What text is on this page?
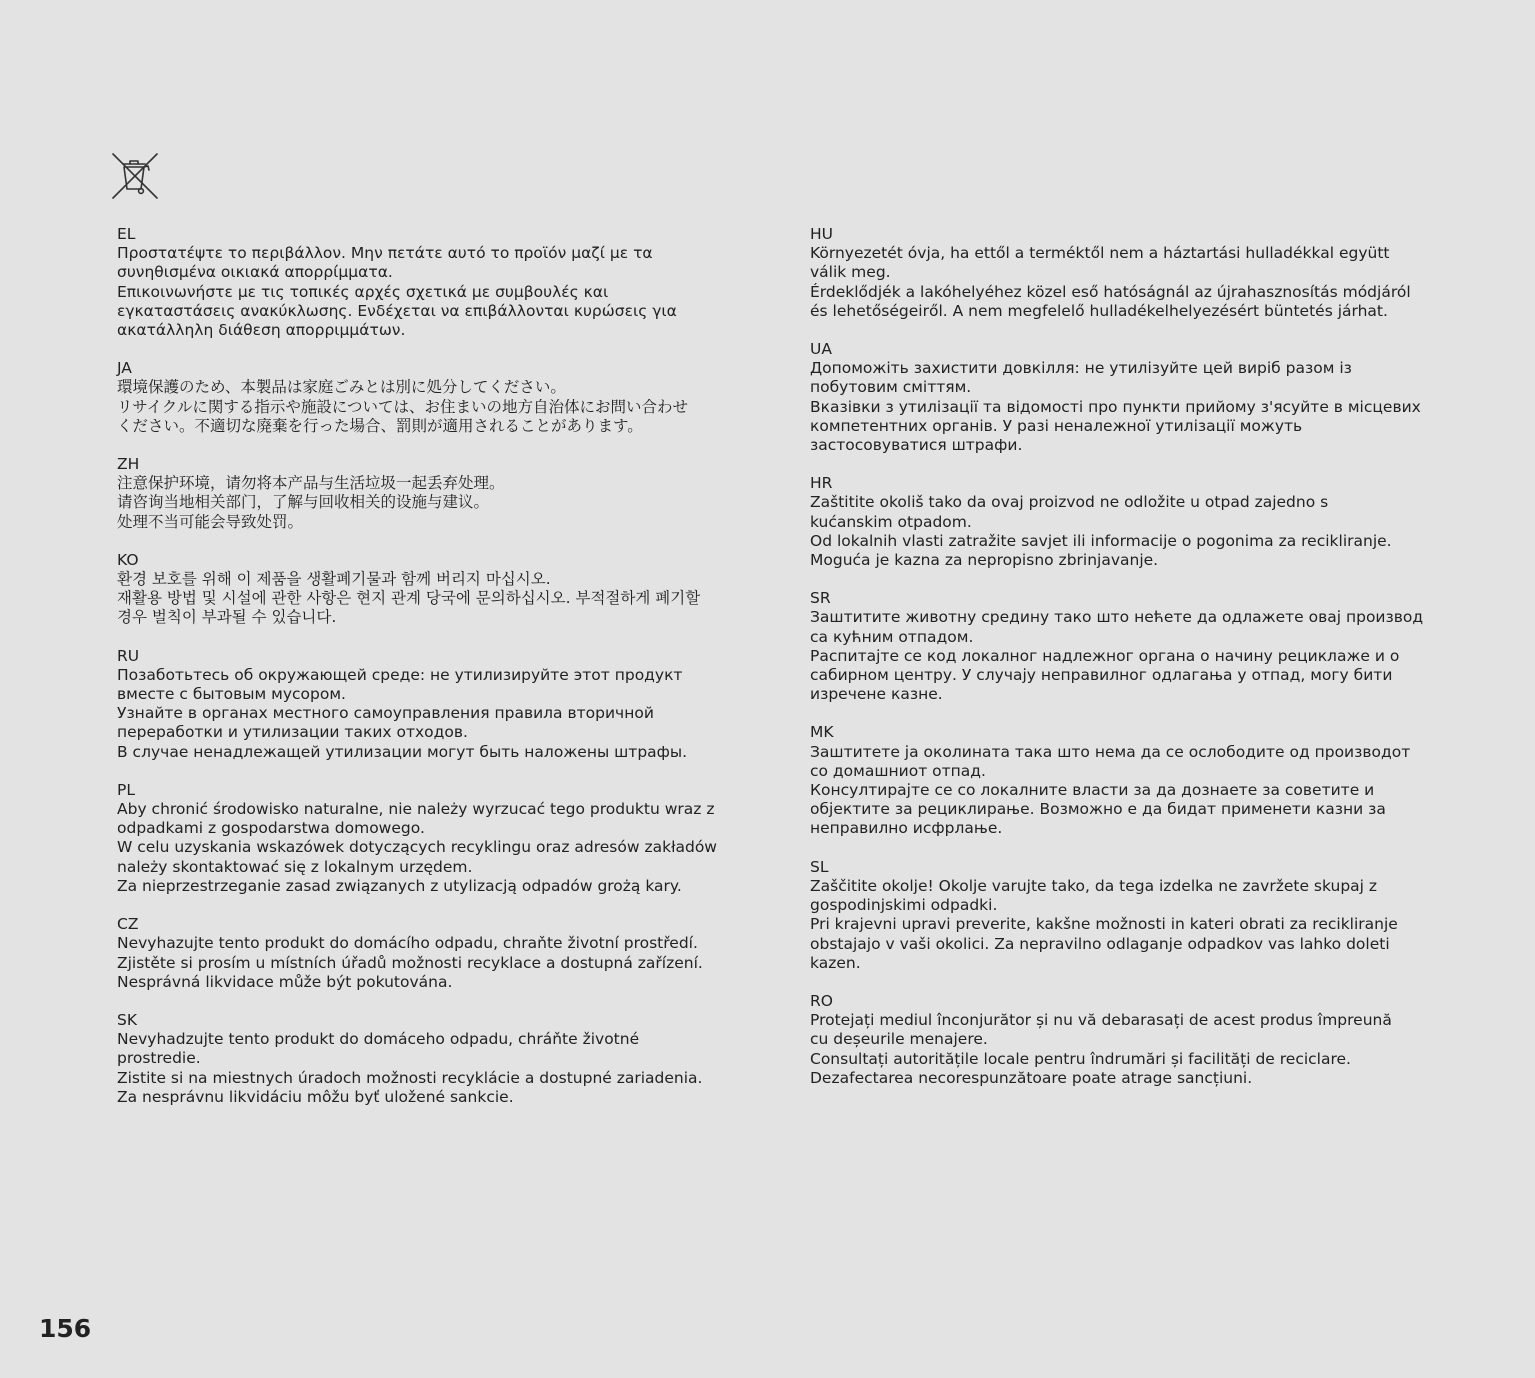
EL
Προστατέψτε το περιβάλλον. Μην πετάτε αυτό το προϊόν μαζί με τα
συνηθισμένα οικιακά απορρίμματα.
Επικοινωνήστε με τις τοπικές αρχές σχετικά με συμβουλές και
εγκαταστάσεις ανακύκλωσης. Ενδέχεται να επιβάλλονται κυρώσεις για
ακατάλληλη διάθεση απορριμμάτων.
JA
環境保護のため、本製品は家庭ごみとは別に処分してください。
リサイクルに関する指示や施設については、お住まいの地方自治体にお問い合わせ
ください。不適切な廃棄を行った場合、罰則が適用されることがあります。
ZH
注意保护环境，请勿将本产品与生活垃圾一起丢弃处理。
请咨询当地相关部门，了解与回收相关的设施与建议。
处理不当可能会导致处罚。
KO
환경 보호를 위해 이 제품을 생활폐기물과 함께 버리지 마십시오.
재활용 방법 및 시설에 관한 사항은 현지 관계 당국에 문의하십시오. 부적절하게 폐기할
경우 벌칙이 부과될 수 있습니다.
RU
Позаботьтесь об окружающей среде: не утилизируйте этот продукт
вместе с бытовым мусором.
Узнайте в органах местного самоуправления правила вторичной
переработки и утилизации таких отходов.
В случае ненадлежащей утилизации могут быть наложены штрафы.
PL
Aby chronić środowisko naturalne, nie należy wyrzucać tego produktu wraz z
odpadkami z gospodarstwa domowego.
W celu uzyskania wskazówek dotyczących recyklingu oraz adresów zakładów
należy skontaktować się z lokalnym urzędem.
Za nieprzestrzeganie zasad związanych z utylizacją odpadów grożą kary.
CZ
Nevyhazujte tento produkt do domácího odpadu, chraňte životní prostředí.
Zjistěte si prosím u místních úřadů možnosti recyklace a dostupná zařízení.
Nesprávná likvidace může být pokutována.
SK
Nevyhadzujte tento produkt do domáceho odpadu, chráňte životné
prostredie.
Zistite si na miestnych úradoch možnosti recyklácie a dostupné zariadenia.
Za nesprávnu likvidáciu môžu byť uložené sankcie.
HU
Környezetét óvja, ha ettől a terméktől nem a háztartási hulladékkal együtt
válik meg.
Érdeklődjék a lakóhelyéhez közel eső hatóságnál az újrahasznosítás módjáról
és lehetőségeiről. A nem megfelelő hulladékelhelyezésért büntetés járhat.
UA
Допоможіть захистити довкілля: не утилізуйте цей виріб разом із
побутовим сміттям.
Вказівки з утилізації та відомості про пункти прийому з'ясуйте в місцевих
компетентних органів. У разі неналежної утилізації можуть
застосовуватися штрафи.
HR
Zaštitite okoliš tako da ovaj proizvod ne odložite u otpad zajedno s
kućanskim otpadom.
Od lokalnih vlasti zatražite savjet ili informacije o pogonima za recikliranje.
Moguća je kazna za nepropisno zbrinjavanje.
SR
Заштитите животну средину тако што нећете да одлажете овај производ
са кућним отпадом.
Распитајте се код локалног надлежног органа о начину рециклаже и о
сабирном центру. У случају неправилног одлагања у отпад, могу бити
изречене казне.
MK
Заштитете ја околината така што нема да се ослободите од производот
со домашниот отпад.
Консултирајте се со локалните власти за да дознаете за советите и
објектите за рециклирање. Возможно е да бидат применети казни за
неправилно исфрлање.
SL
Zaščitite okolje! Okolje varujte tako, da tega izdelka ne zavržete skupaj z
gospodinjskimi odpadki.
Pri krajevni upravi preverite, kakšne možnosti in kateri obrati za recikliranje
obstajajo v vaši okolici. Za nepravilno odlaganje odpadkov vas lahko doleti
kazen.
RO
Protejați mediul înconjurător și nu vă debarasați de acest produs împreună
cu deșeurile menajere.
Consultați autoritățile locale pentru îndrumări și facilități de reciclare.
Dezafectarea necorespunzătoare poate atrage sancțiuni.
156
